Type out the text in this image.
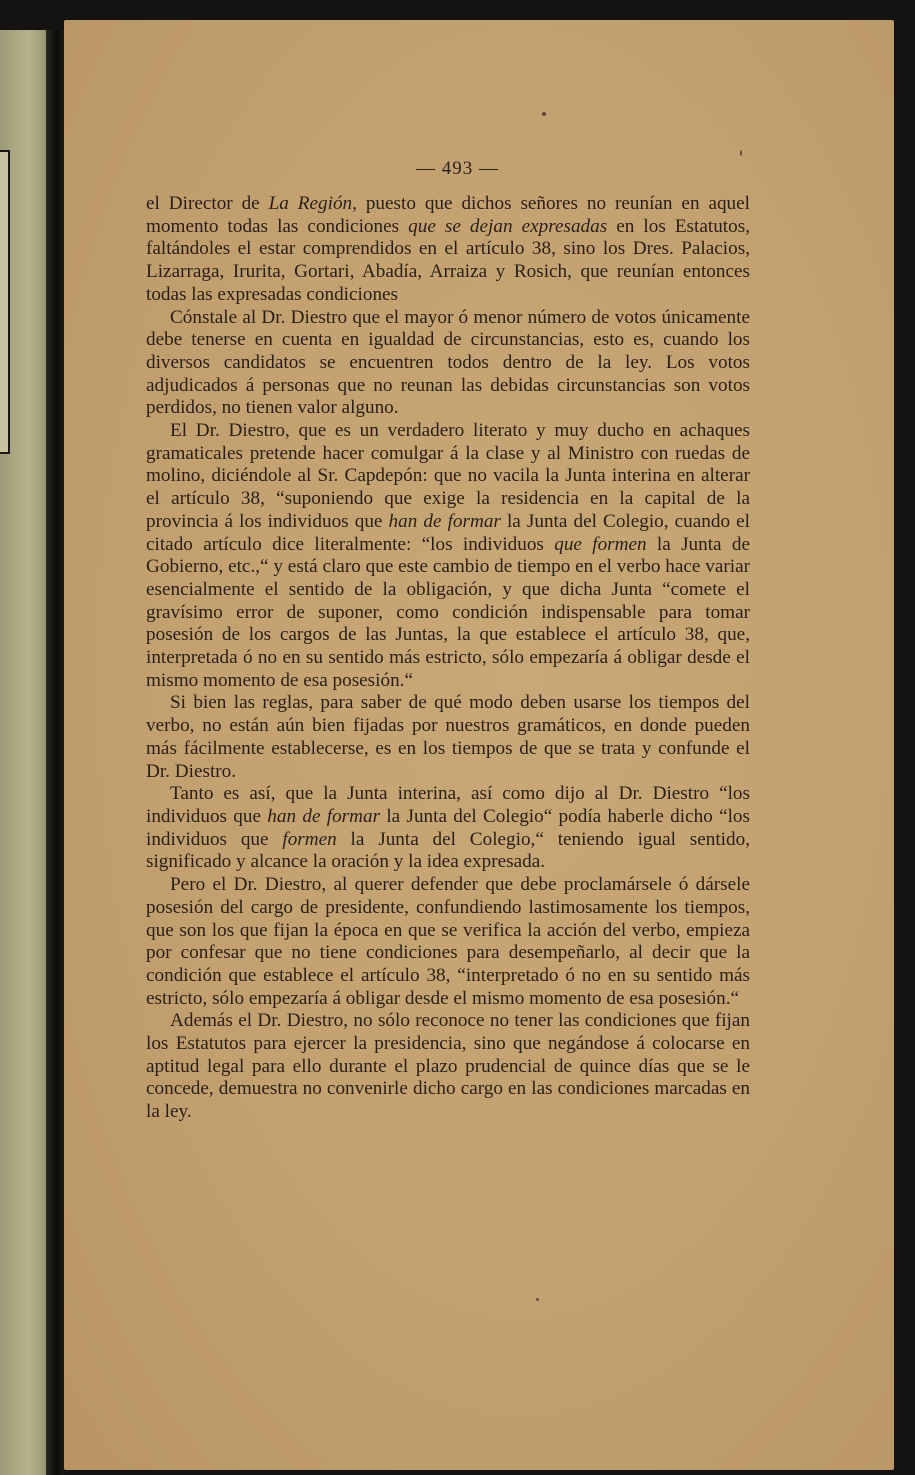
— 493 —

el Director de La Región, puesto que dichos señores no reunían en aquel momento todas las condiciones que se dejan expresadas en los Estatutos, faltándoles el estar comprendidos en el artículo 38, sino los Dres. Palacios, Lizarraga, Irurita, Gortari, Abadía, Arraiza y Rosich, que reunían entonces todas las expresadas condiciones

Cónstale al Dr. Diestro que el mayor ó menor número de votos únicamente debe tenerse en cuenta en igualdad de circunstancias, esto es, cuando los diversos candidatos se encuentren todos dentro de la ley. Los votos adjudicados á personas que no reunan las debidas circunstancias son votos perdidos, no tienen valor alguno.

El Dr. Diestro, que es un verdadero literato y muy ducho en achaques gramaticales pretende hacer comulgar á la clase y al Ministro con ruedas de molino, diciéndole al Sr. Capdepón: que no vacila la Junta interina en alterar el artículo 38, “suponiendo que exige la residencia en la capital de la provincia á los individuos que han de formar la Junta del Colegio, cuando el citado artículo dice literalmente: “los individuos que formen la Junta de Gobierno, etc.,“ y está claro que este cambio de tiempo en el verbo hace variar esencialmente el sentido de la obligación, y que dicha Junta “comete el gravísimo error de suponer, como condición indispensable para tomar posesión de los cargos de las Juntas, la que establece el artículo 38, que, interpretada ó no en su sentido más estricto, sólo empezaría á obligar desde el mismo momento de esa posesión.“

Si bien las reglas, para saber de qué modo deben usarse los tiempos del verbo, no están aún bien fijadas por nuestros gramáticos, en donde pueden más fácilmente establecerse, es en los tiempos de que se trata y confunde el Dr. Diestro.

Tanto es así, que la Junta interina, así como dijo al Dr. Diestro “los individuos que han de formar la Junta del Colegio“ podía haberle dicho “los individuos que formen la Junta del Colegio,“ teniendo igual sentido, significado y alcance la oración y la idea expresada.

Pero el Dr. Diestro, al querer defender que debe proclamársele ó dársele posesión del cargo de presidente, confundiendo lastimosamente los tiempos, que son los que fijan la época en que se verifica la acción del verbo, empieza por confesar que no tiene condiciones para desempeñarlo, al decir que la condición que establece el artículo 38, “interpretado ó no en su sentido más estricto, sólo empezaría á obligar desde el mismo momento de esa posesión.“

Además el Dr. Diestro, no sólo reconoce no tener las condiciones que fijan los Estatutos para ejercer la presidencia, sino que negándose á colocarse en aptitud legal para ello durante el plazo prudencial de quince días que se le concede, demuestra no convenirle dicho cargo en las condiciones marcadas en la ley.
